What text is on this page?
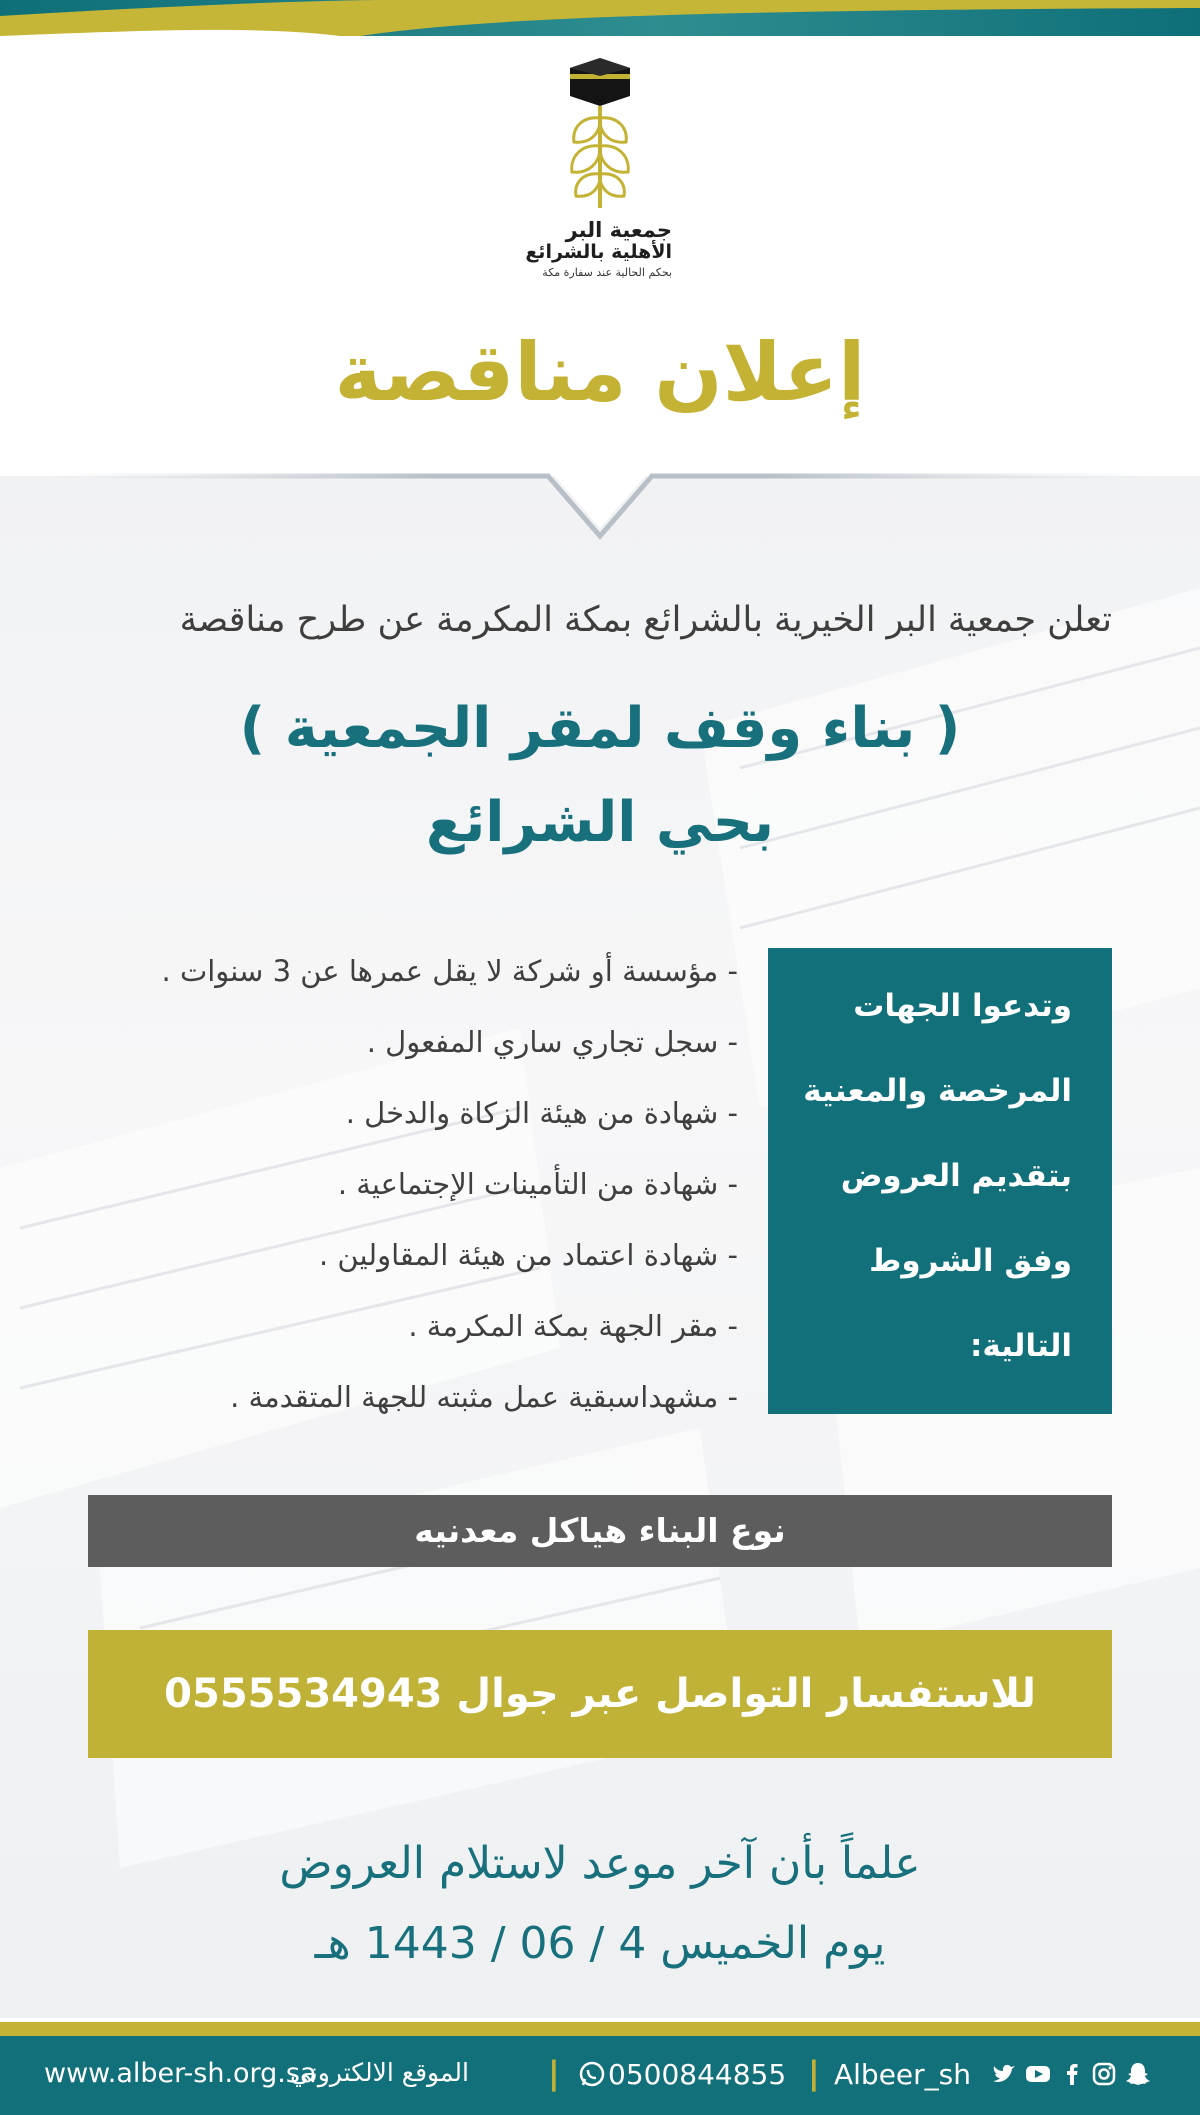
جمعية البر
الأهلية بالشرائع
بحكم الحالية عند سفارة مكة
إعلان مناقصة
تعلن جمعية البر الخيرية بالشرائع بمكة المكرمة عن طرح مناقصة
( بناء وقف لمقر الجمعية )
بحي الشرائع
وتدعوا الجهات
المرخصة والمعنية
بتقديم العروض
وفق الشروط
التالية:
- مؤسسة أو شركة لا يقل عمرها عن 3 سنوات .
- سجل تجاري ساري المفعول .
- شهادة من هيئة الزكاة والدخل .
- شهادة من التأمينات الإجتماعية .
- شهادة اعتماد من هيئة المقاولين .
- مقر الجهة بمكة المكرمة .
- مشهداسبقية عمل مثبته للجهة المتقدمة .
نوع البناء هياكل معدنيه
للاستفسار التواصل عبر جوال 0555534943
علماً بأن آخر موعد لاستلام العروض
يوم الخميس 4 / 06 / 1443 هـ
www.alber-sh.org.sa
الموقع الالكتروني | 0500844855 | Albeer_sh
